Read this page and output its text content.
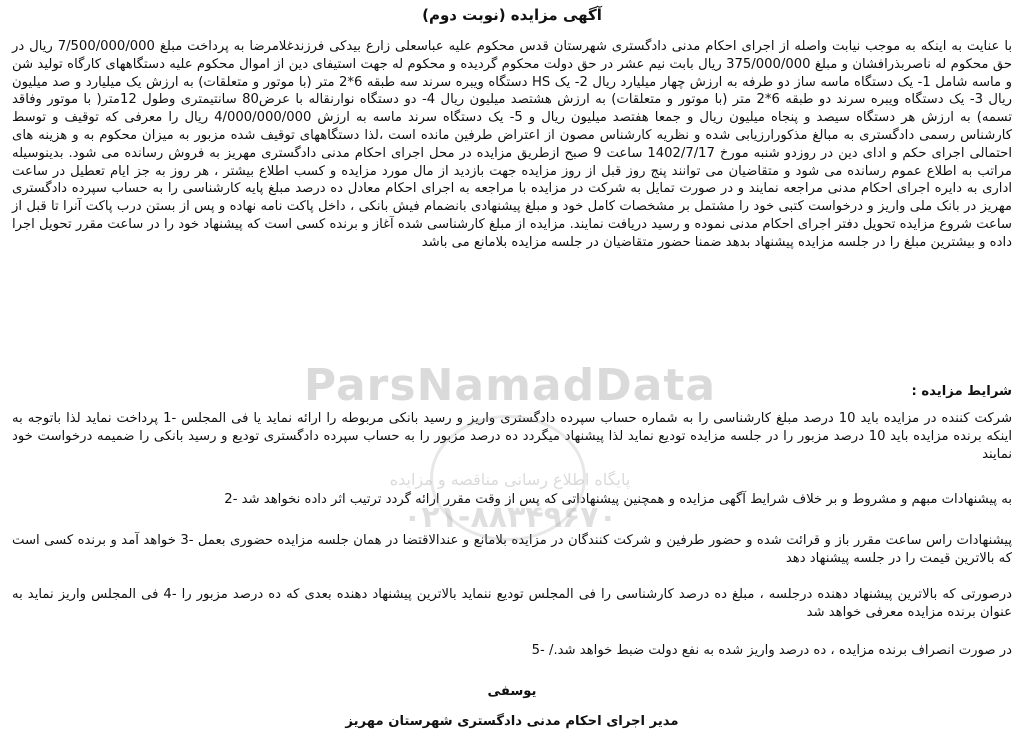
آگهی مزایده (نوبت دوم)

با عنایت به اینکه به موجب نیابت واصله از اجرای احکام مدنی دادگستری شهرستان قدس محکوم علیه عباسعلی زارع بیدکی فرزندغلامرضا به پرداخت مبلغ 7/500/000/000 ریال در حق محکوم له ناصربذرافشان و مبلغ 375/000/000 ریال بابت نیم عشر در حق دولت محکوم گردیده و محکوم له جهت استیفای دین از اموال محکوم علیه دستگاههای کارگاه تولید شن و ماسه شامل 1- یک دستگاه ماسه ساز دو طرفه به ارزش چهار میلیارد ریال 2- یک HS دستگاه ویبره سرند سه طبقه 6*2 متر (با موتور و متعلقات) به ارزش یک میلیارد و صد میلیون ریال 3- یک دستگاه ویبره سرند دو طبقه 6*2 متر (با موتور و متعلقات) به ارزش هشتصد میلیون ریال 4- دو دستگاه نوارنقاله با عرض80 سانتیمتری وطول 12متر( با موتور وفاقد تسمه) به ارزش هر دستگاه سیصد و پنجاه میلیون ریال و جمعا هفتصد میلیون ریال و 5- یک دستگاه سرند ماسه به ارزش 4/000/000/000 ریال را معرفی که توقیف و توسط کارشناس رسمی دادگستری به مبالغ مذکورارزیابی شده و نظریه کارشناس مصون از اعتراض طرفین مانده است ،لذا دستگاههای توقیف شده مزبور به میزان محکوم به و هزینه های احتمالی اجرای حکم و ادای دین در روزدو شنبه مورخ 1402/7/17 ساعت 9 صبح ازطریق مزایده در محل اجرای احکام مدنی دادگستری مهریز به فروش رسانده می شود. بدینوسیله مراتب به اطلاع عموم رسانده می شود و متقاضیان می توانند پنج روز قبل از روز مزایده جهت بازدید از مال مورد مزایده و کسب اطلاع بیشتر ، هر روز به جز ایام تعطیل در ساعت اداری به دایره اجرای احکام مدنی مراجعه نمایند و در صورت تمایل به شرکت در مزایده با مراجعه به اجرای احکام معادل ده درصد مبلغ پایه کارشناسی را به حساب سپرده دادگستری مهریز در بانک ملی واریز و درخواست کتبی خود را مشتمل بر مشخصات کامل خود و مبلغ پیشنهادی بانضمام فیش بانکی ، داخل پاکت نامه نهاده و پس از بستن درب پاکت آنرا تا قبل از ساعت شروع مزایده تحویل دفتر اجرای احکام مدنی نموده و رسید دریافت نمایند. مزایده از مبلغ کارشناسی شده آغاز و برنده کسی است که پیشنهاد خود را در ساعت مقرر تحویل اجرا داده و بیشترین مبلغ را در جلسه مزایده پیشنهاد بدهد ضمنا حضور متقاضیان در جلسه مزایده بلامانع می باشد

شرایط مزایده :

شرکت کننده در مزایده باید 10 درصد مبلغ کارشناسی را به شماره حساب سپرده دادگستری واریز و رسید بانکی مربوطه را ارائه نماید یا فی المجلس -1 پرداخت نماید لذا باتوجه به اینکه برنده مزایده باید 10 درصد مزبور را در جلسه مزایده تودیع نماید لذا پیشنهاد میگردد ده درصد مزبور را به حساب سپرده دادگستری تودیع و رسید بانکی را ضمیمه درخواست خود نمایند

به پیشنهادات مبهم و مشروط و بر خلاف شرایط آگهی مزایده و همچنین پیشنهاداتی که پس از وقت مقرر ارائه گردد ترتیب اثر داده نخواهد شد -2

پیشنهادات راس ساعت مقرر باز و قرائت شده و حضور طرفین و شرکت کنندگان در مزایده بلامانع و عندالاقتضا در همان جلسه مزایده حضوری بعمل -3 خواهد آمد و برنده کسی است که بالاترین قیمت را در جلسه پیشنهاد دهد

درصورتی که بالاترین پیشنهاد دهنده درجلسه ، مبلغ ده درصد کارشناسی را فی المجلس تودیع ننماید بالاترین پیشنهاد دهنده بعدی که ده درصد مزبور را -4 فی المجلس واریز نماید به عنوان برنده مزایده معرفی خواهد شد

در صورت انصراف برنده مزایده ، ده درصد واریز شده به نفع دولت ضبط خواهد شد./ -5

یوسفی
مدیر اجرای احکام مدنی دادگستری شهرستان مهریز
ParsNamadData
پایگاه اطلاع رسانی مناقصه و مزایده
۰۲۱-۸۸۳۴۹۶۷۰
